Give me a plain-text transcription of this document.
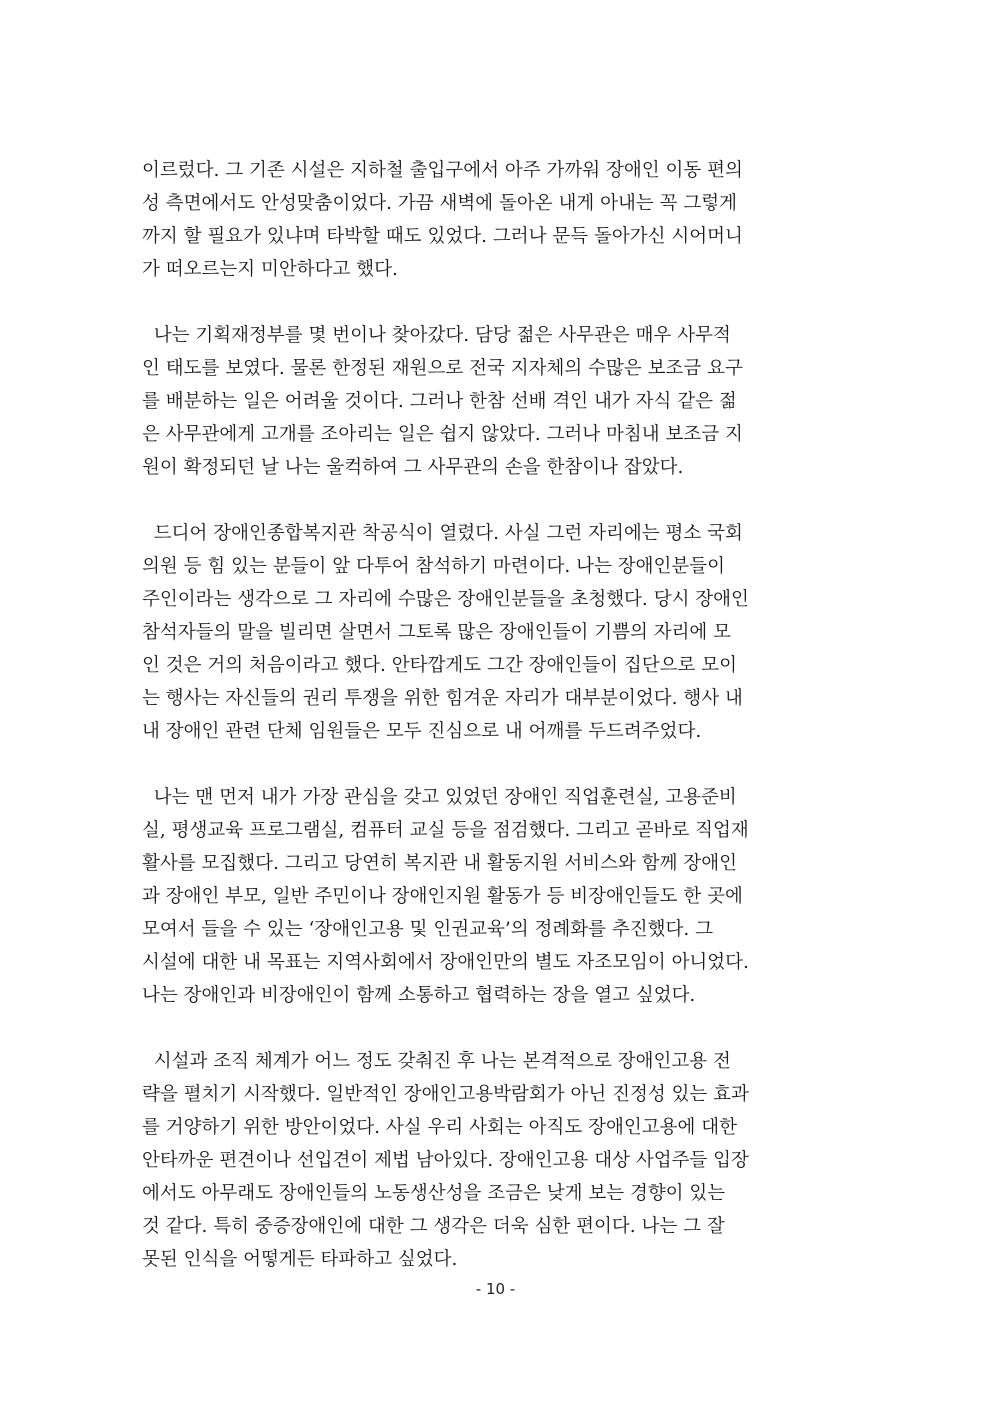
이르렀다. 그 기존 시설은 지하철 출입구에서 아주 가까워 장애인 이동 편의
성 측면에서도 안성맞춤이었다. 가끔 새벽에 돌아온 내게 아내는 꼭 그렇게
까지 할 필요가 있냐며 타박할 때도 있었다. 그러나 문득 돌아가신 시어머니
가 떠오르는지 미안하다고 했다.
나는 기획재정부를 몇 번이나 찾아갔다. 담당 젊은 사무관은 매우 사무적
인 태도를 보였다. 물론 한정된 재원으로 전국 지자체의 수많은 보조금 요구
를 배분하는 일은 어려울 것이다. 그러나 한참 선배 격인 내가 자식 같은 젊
은 사무관에게 고개를 조아리는 일은 쉽지 않았다. 그러나 마침내 보조금 지
원이 확정되던 날 나는 울컥하여 그 사무관의 손을 한참이나 잡았다.
드디어 장애인종합복지관 착공식이 열렸다. 사실 그런 자리에는 평소 국회
의원 등 힘 있는 분들이 앞 다투어 참석하기 마련이다. 나는 장애인분들이
주인이라는 생각으로 그 자리에 수많은 장애인분들을 초청했다. 당시 장애인
참석자들의 말을 빌리면 살면서 그토록 많은 장애인들이 기쁨의 자리에 모
인 것은 거의 처음이라고 했다. 안타깝게도 그간 장애인들이 집단으로 모이
는 행사는 자신들의 권리 투쟁을 위한 힘겨운 자리가 대부분이었다. 행사 내
내 장애인 관련 단체 임원들은 모두 진심으로 내 어깨를 두드려주었다.
나는 맨 먼저 내가 가장 관심을 갖고 있었던 장애인 직업훈련실, 고용준비
실, 평생교육 프로그램실, 컴퓨터 교실 등을 점검했다. 그리고 곧바로 직업재
활사를 모집했다. 그리고 당연히 복지관 내 활동지원 서비스와 함께 장애인
과 장애인 부모, 일반 주민이나 장애인지원 활동가 등 비장애인들도 한 곳에
모여서 들을 수 있는 ‘장애인고용 및 인권교육’의 정례화를 추진했다. 그
시설에 대한 내 목표는 지역사회에서 장애인만의 별도 자조모임이 아니었다.
나는 장애인과 비장애인이 함께 소통하고 협력하는 장을 열고 싶었다.
시설과 조직 체계가 어느 정도 갖춰진 후 나는 본격적으로 장애인고용 전
략을 펼치기 시작했다. 일반적인 장애인고용박람회가 아닌 진정성 있는 효과
를 거양하기 위한 방안이었다. 사실 우리 사회는 아직도 장애인고용에 대한
안타까운 편견이나 선입견이 제법 남아있다. 장애인고용 대상 사업주들 입장
에서도 아무래도 장애인들의 노동생산성을 조금은 낮게 보는 경향이 있는
것 같다. 특히 중증장애인에 대한 그 생각은 더욱 심한 편이다. 나는 그 잘
못된 인식을 어떻게든 타파하고 싶었다.
- 10 -
